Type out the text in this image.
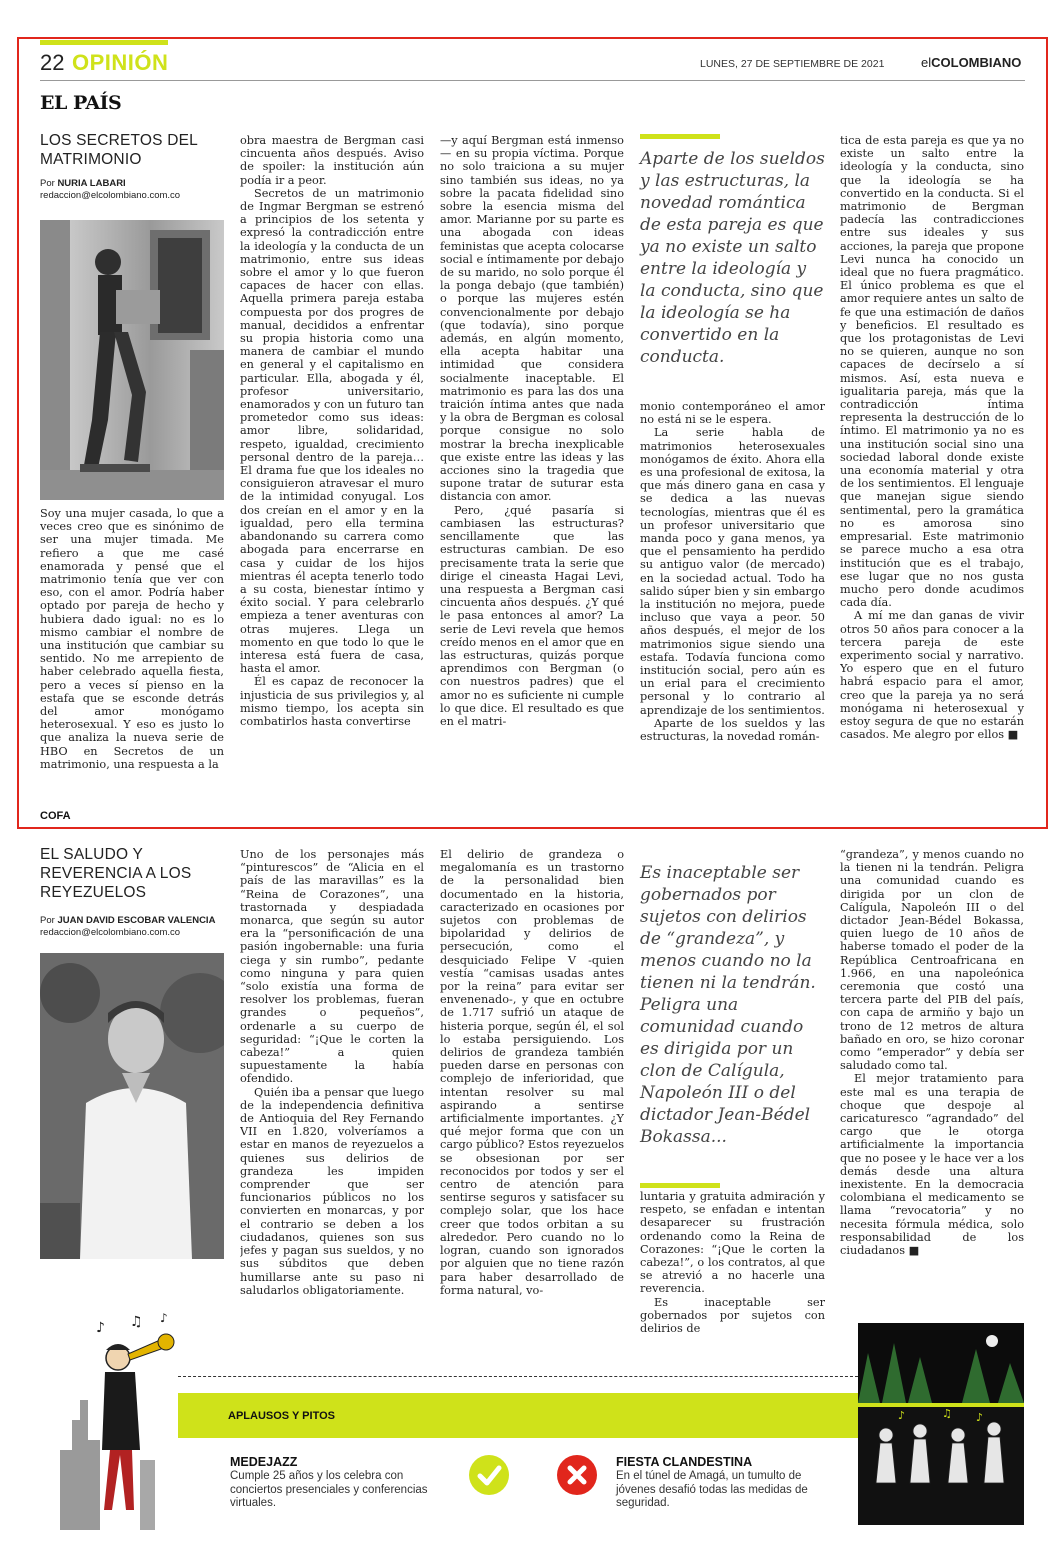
22 OPINIÓN	LUNES, 27 DE SEPTIEMBRE DE 2021	elCOLOMBIANO
EL PAÍS
LOS SECRETOS DEL MATRIMONIO
Por NURIA LABARI
redaccion@elcolombiano.com.co

Soy una mujer casada, lo que a veces creo que es sinónimo de ser una mujer timada. Me refiero a que me casé enamorada y pensé que el matrimonio tenía que ver con eso, con el amor. Podría haber optado por pareja de hecho y hubiera dado igual: no es lo mismo cambiar el nombre de una institución que cambiar su sentido. No me arrepiento de haber celebrado aquella fiesta, pero a veces sí pienso en la estafa que se esconde detrás del amor monógamo heterosexual. Y eso es justo lo que analiza la nueva serie de HBO en Secretos de un matrimonio, una respuesta a la

obra maestra de Bergman casi cincuenta años después. Aviso de spoiler: la institución aún podía ir a peor.

Secretos de un matrimonio de Ingmar Bergman se estrenó a principios de los setenta y expresó la contradicción entre la ideología y la conducta de un matrimonio, entre sus ideas sobre el amor y lo que fueron capaces de hacer con ellas. Aquella primera pareja estaba compuesta por dos progres de manual, decididos a enfrentar su propia historia como una manera de cambiar el mundo en general y el capitalismo en particular. Ella, abogada y él, profesor universitario, enamorados y con un futuro tan prometedor como sus ideas: amor libre, solidaridad, respeto, igualdad, crecimiento personal dentro de la pareja… El drama fue que los ideales no consiguieron atravesar el muro de la intimidad conyugal. Los dos creían en el amor y en la igualdad, pero ella termina abandonando su carrera como abogada para encerrarse en casa y cuidar de los hijos mientras él acepta tenerlo todo a su costa, bienestar íntimo y éxito social. Y para celebrarlo empieza a tener aventuras con otras mujeres. Llega un momento en que todo lo que le interesa está fuera de casa, hasta el amor.

Él es capaz de reconocer la injusticia de sus privilegios y, al mismo tiempo, los acepta sin combatirlos hasta convertirse

—y aquí Bergman está inmenso— en su propia víctima. Porque no solo traiciona a su mujer sino también sus ideas, no ya sobre la pacata fidelidad sino sobre la esencia misma del amor. Marianne por su parte es una abogada con ideas feministas que acepta colocarse social e íntimamente por debajo de su marido, no solo porque él la ponga debajo (que también) o porque las mujeres estén convencionalmente por debajo (que todavía), sino porque además, en algún momento, ella acepta habitar una intimidad que considera socialmente inaceptable. El matrimonio es para las dos una traición íntima antes que nada y la obra de Bergman es colosal porque consigue no solo mostrar la brecha inexplicable que existe entre las ideas y las acciones sino la tragedia que supone tratar de suturar esta distancia con amor.

Pero, ¿qué pasaría si cambiasen las estructuras? sencillamente que las estructuras cambian. De eso precisamente trata la serie que dirige el cineasta Hagai Levi, una respuesta a Bergman casi cincuenta años después. ¿Y qué le pasa entonces al amor? La serie de Levi revela que hemos creído menos en el amor que en las estructuras, quizás porque aprendimos con Bergman (o con nuestros padres) que el amor no es suficiente ni cumple lo que dice. El resultado es que en el matri-

Aparte de los sueldos y las estructuras, la novedad romántica de esta pareja es que ya no existe un salto entre la ideología y la conducta, sino que la ideología se ha convertido en la conducta.

monio contemporáneo el amor no está ni se le espera.

La serie habla de matrimonios heterosexuales monógamos de éxito. Ahora ella es una profesional de exitosa, la que más dinero gana en casa y se dedica a las nuevas tecnologías, mientras que él es un profesor universitario que manda poco y gana menos, ya que el pensamiento ha perdido su antiguo valor (de mercado) en la sociedad actual. Todo ha salido súper bien y sin embargo la institución no mejora, puede incluso que vaya a peor. 50 años después, el mejor de los matrimonios sigue siendo una estafa. Todavía funciona como institución social, pero aún es un erial para el crecimiento personal y lo contrario al aprendizaje de los sentimientos.

Aparte de los sueldos y las estructuras, la novedad román-

tica de esta pareja es que ya no existe un salto entre la ideología y la conducta, sino que la ideología se ha convertido en la conducta. Si el matrimonio de Bergman padecía las contradicciones entre sus ideales y sus acciones, la pareja que propone Levi nunca ha conocido un ideal que no fuera pragmático. El único problema es que el amor requiere antes un salto de fe que una estimación de daños y beneficios. El resultado es que los protagonistas de Levi no se quieren, aunque no son capaces de decírselo a sí mismos. Así, esta nueva e igualitaria pareja, más que la contradicción íntima representa la destrucción de lo íntimo. El matrimonio ya no es una institución social sino una sociedad laboral donde existe una economía material y otra de los sentimientos. El lenguaje que manejan sigue siendo sentimental, pero la gramática no es amorosa sino empresarial. Este matrimonio se parece mucho a esa otra institución que es el trabajo, ese lugar que no nos gusta mucho pero donde acudimos cada día.

A mí me dan ganas de vivir otros 50 años para conocer a la tercera pareja de este experimento social y narrativo. Yo espero que en el futuro habrá espacio para el amor, creo que la pareja ya no será monógama ni heterosexual y estoy segura de que no estarán casados. Me alegro por ellos ■

COFA
EL SALUDO Y REVERENCIA A LOS REYEZUELOS
Por JUAN DAVID ESCOBAR VALENCIA
redaccion@elcolombiano.com.co

Uno de los personajes más “pinturescos” de “Alicia en el país de las maravillas” es la “Reina de Corazones”, una trastornada y despiadada monarca, que según su autor era la “personificación de una pasión ingobernable: una furia ciega y sin rumbo”, pedante como ninguna y para quien “solo existía una forma de resolver los problemas, fueran grandes o pequeños”, ordenarle a su cuerpo de seguridad: “¡Que le corten la cabeza!” a quien supuestamente la había ofendido.

Quién iba a pensar que luego de la independencia definitiva de Antioquia del Rey Fernando VII en 1.820, volveríamos a estar en manos de reyezuelos a quienes sus delirios de grandeza les impiden comprender que ser funcionarios públicos no los convierten en monarcas, y por el contrario se deben a los ciudadanos, quienes son sus jefes y pagan sus sueldos, y no sus súbditos que deben humillarse ante su paso ni saludarlos obligatoriamente.

El delirio de grandeza o megalomanía es un trastorno de la personalidad bien documentado en la historia, caracterizado en ocasiones por sujetos con problemas de bipolaridad y delirios de persecución, como el desquiciado Felipe V -quien vestía “camisas usadas antes por la reina” para evitar ser envenenado-, y que en octubre de 1.717 sufrió un ataque de histeria porque, según él, el sol lo estaba persiguiendo. Los delirios de grandeza también pueden darse en personas con complejo de inferioridad, que intentan resolver su mal aspirando a sentirse artificialmente importantes. ¿Y qué mejor forma que con un cargo público? Estos reyezuelos se obsesionan por ser reconocidos por todos y ser el centro de atención para sentirse seguros y satisfacer su complejo solar, que los hace creer que todos orbitan a su alrededor. Pero cuando no lo logran, cuando son ignorados por alguien que no tiene razón para haber desarrollado de forma natural, vo-

Es inaceptable ser gobernados por sujetos con delirios de “grandeza”, y menos cuando no la tienen ni la tendrán. Peligra una comunidad cuando es dirigida por un clon de Calígula, Napoleón III o del dictador Jean-Bédel Bokassa...

luntaria y gratuita admiración y respeto, se enfadan e intentan desaparecer su frustración ordenando como la Reina de Corazones: “¡Que le corten la cabeza!”, o los contratos, al que se atrevió a no hacerle una reverencia.

Es inaceptable ser gobernados por sujetos con delirios de

“grandeza”, y menos cuando no la tienen ni la tendrán. Peligra una comunidad cuando es dirigida por un clon de Calígula, Napoleón III o del dictador Jean-Bédel Bokassa, quien luego de 10 años de haberse tomado el poder de la República Centroafricana en 1.966, en una napoleónica ceremonia que costó una tercera parte del PIB del país, con capa de armiño y bajo un trono de 12 metros de altura bañado en oro, se hizo coronar como “emperador” y debía ser saludado como tal.

El mejor tratamiento para este mal es una terapia de choque que despoje al caricaturesco “agrandado” del cargo que le otorga artificialmente la importancia que no posee y le hace ver a los demás desde una altura inexistente. En la democracia colombiana el medicamento se llama “revocatoria” y no necesita fórmula médica, solo responsabilidad de los ciudadanos ■

APLAUSOS Y PITOS
♪ ♫ ♪
MEDEJAZZ
Cumple 25 años y los celebra con conciertos presenciales y conferencias virtuales.
FIESTA CLANDESTINA
En el túnel de Amagá, un tumulto de jóvenes desafió todas las medidas de seguridad.
♪	♫ ♪
